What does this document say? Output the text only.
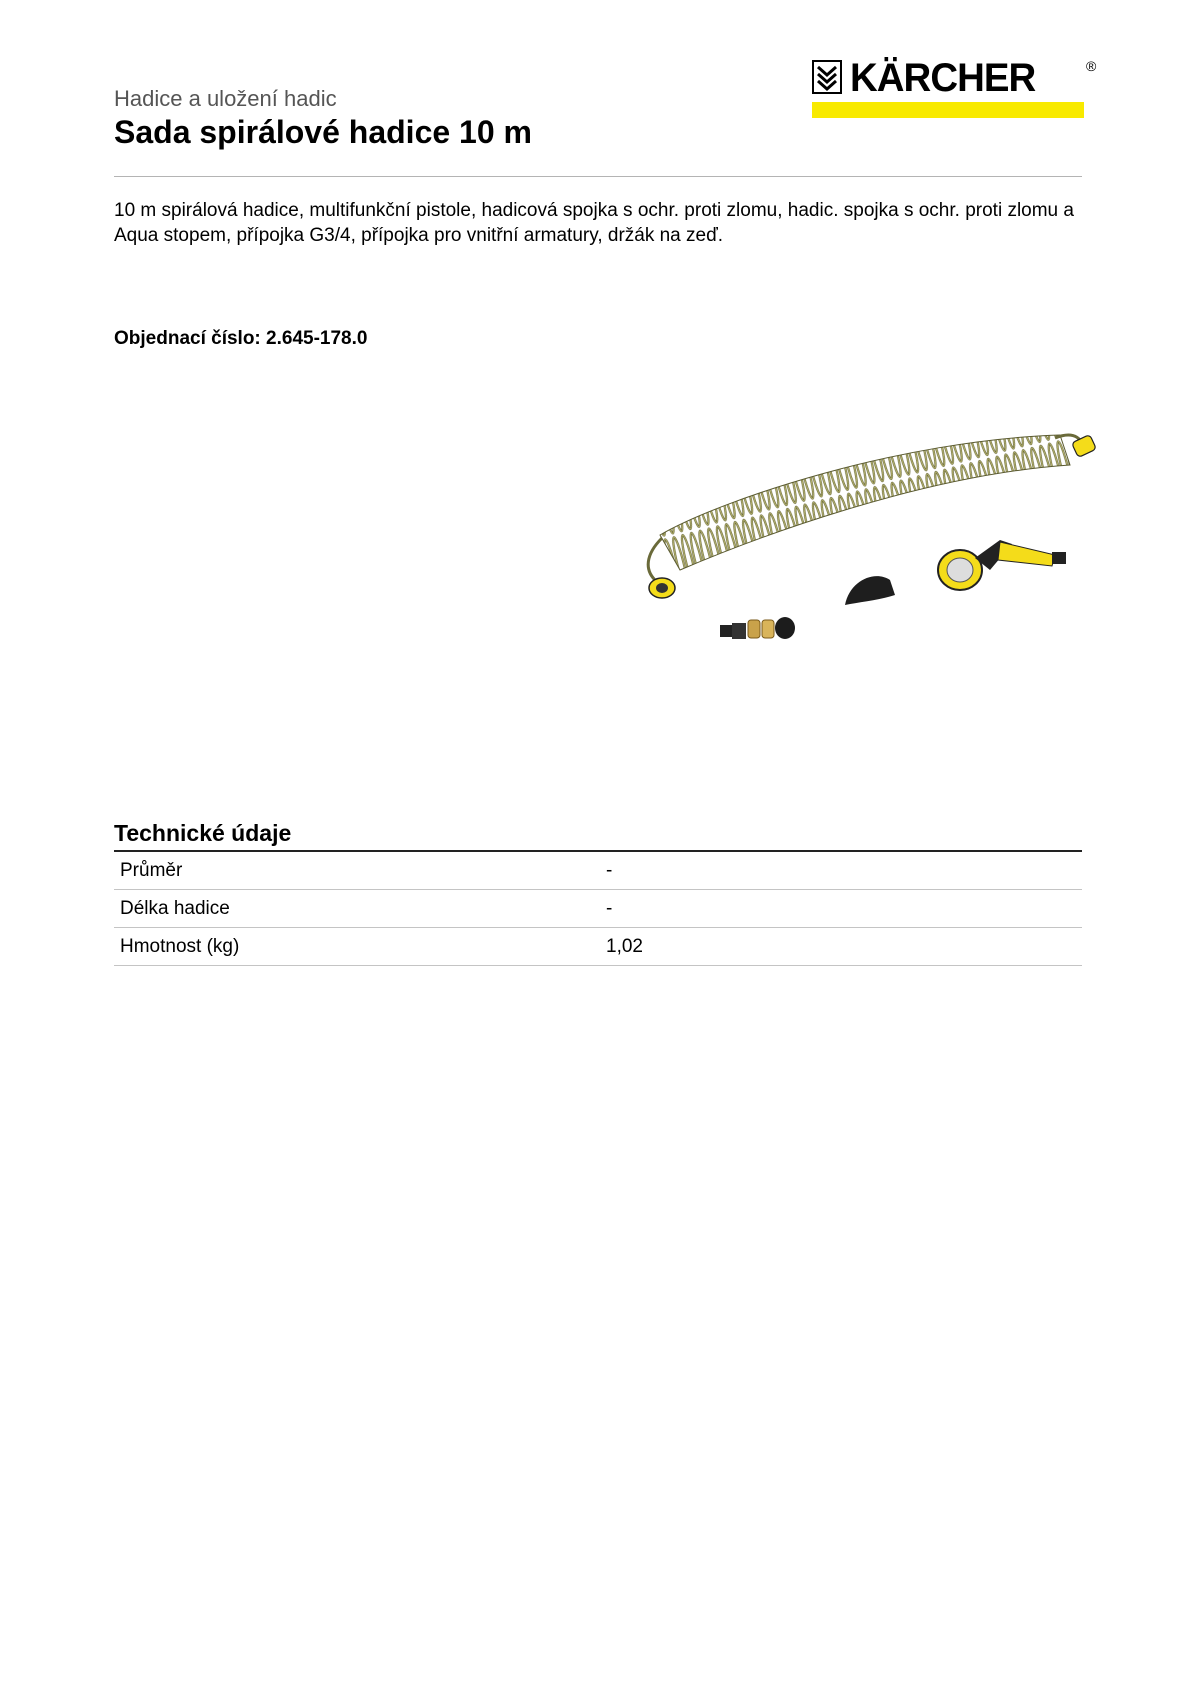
Hadice a uložení hadic
Sada spirálové hadice 10 m
KÄRCHER	®

10 m spirálová hadice, multifunkční pistole, hadicová spojka s ochr. proti zlomu, hadic. spojka s ochr. proti zlomu a Aqua stopem, přípojka G3/4, přípojka pro vnitřní armatury, držák na zeď.

Objednací číslo: 2.645-178.0
Technické údaje
Průměr	-
Délka hadice	-
Hmotnost (kg)	1,02
